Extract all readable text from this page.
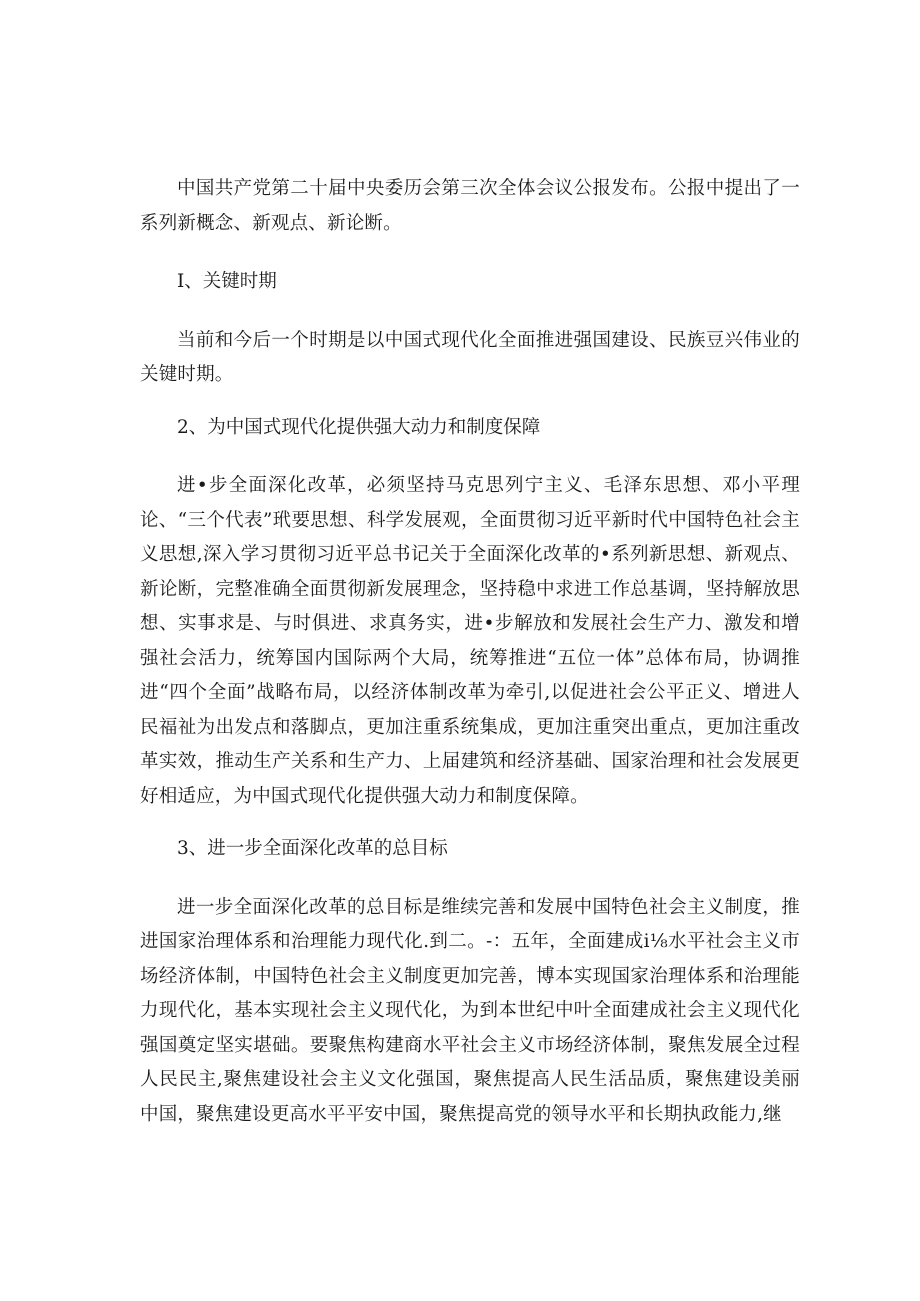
中国共产党第二十届中央委历会第三次全体会议公报发布。公报中提出了一系列新概念、新观点、新论断。

I、关键时期

当前和今后一个时期是以中国式现代化全面推进强国建设、民族豆兴伟业的关键时期。

2、为中国式现代化提供强大动力和制度保障

进•步全面深化改革，必须坚持马克思列宁主义、毛泽东思想、邓小平理论、“三个代表”玳要思想、科学发展观，全面贯彻习近平新时代中国特色社会主义思想,深入学习贯彻习近平总书记关于全面深化改革的•系列新思想、新观点、新论断，完整准确全面贯彻新发展理念，坚持稳中求进工作总基调，坚持解放思想、实事求是、与时俱进、求真务实，进•步解放和发展社会生产力、激发和增强社会活力，统筹国内国际两个大局，统筹推进“五位一体”总体布局，协调推进“四个全面”战略布局，以经济体制改革为牵引,以促进社会公平正义、增进人民福祉为出发点和落脚点，更加注重系统集成，更加注重突出重点，更加注重改革实效，推动生产关系和生产力、上届建筑和经济基础、国家治理和社会发展更好相适应，为中国式现代化提供强大动力和制度保障。

3、进一步全面深化改革的总目标

进一步全面深化改革的总目标是维续完善和发展中国特色社会主义制度，推进国家治理体系和治理能力现代化.到二。-：五年，全面建成i⅛水平社会主义市场经济体制，中国特色社会主义制度更加完善，博本实现国家治理体系和治理能力现代化，基本实现社会主义现代化，为到本世纪中叶全面建成社会主义现代化强国奠定坚实堪础。要聚焦构建商水平社会主义市场经济体制，聚焦发展全过程人民民主,聚焦建设社会主义文化强国，聚焦提高人民生活品质，聚焦建设美丽中国，聚焦建设更高水平平安中国，聚焦提高党的领导水平和长期执政能力,继
